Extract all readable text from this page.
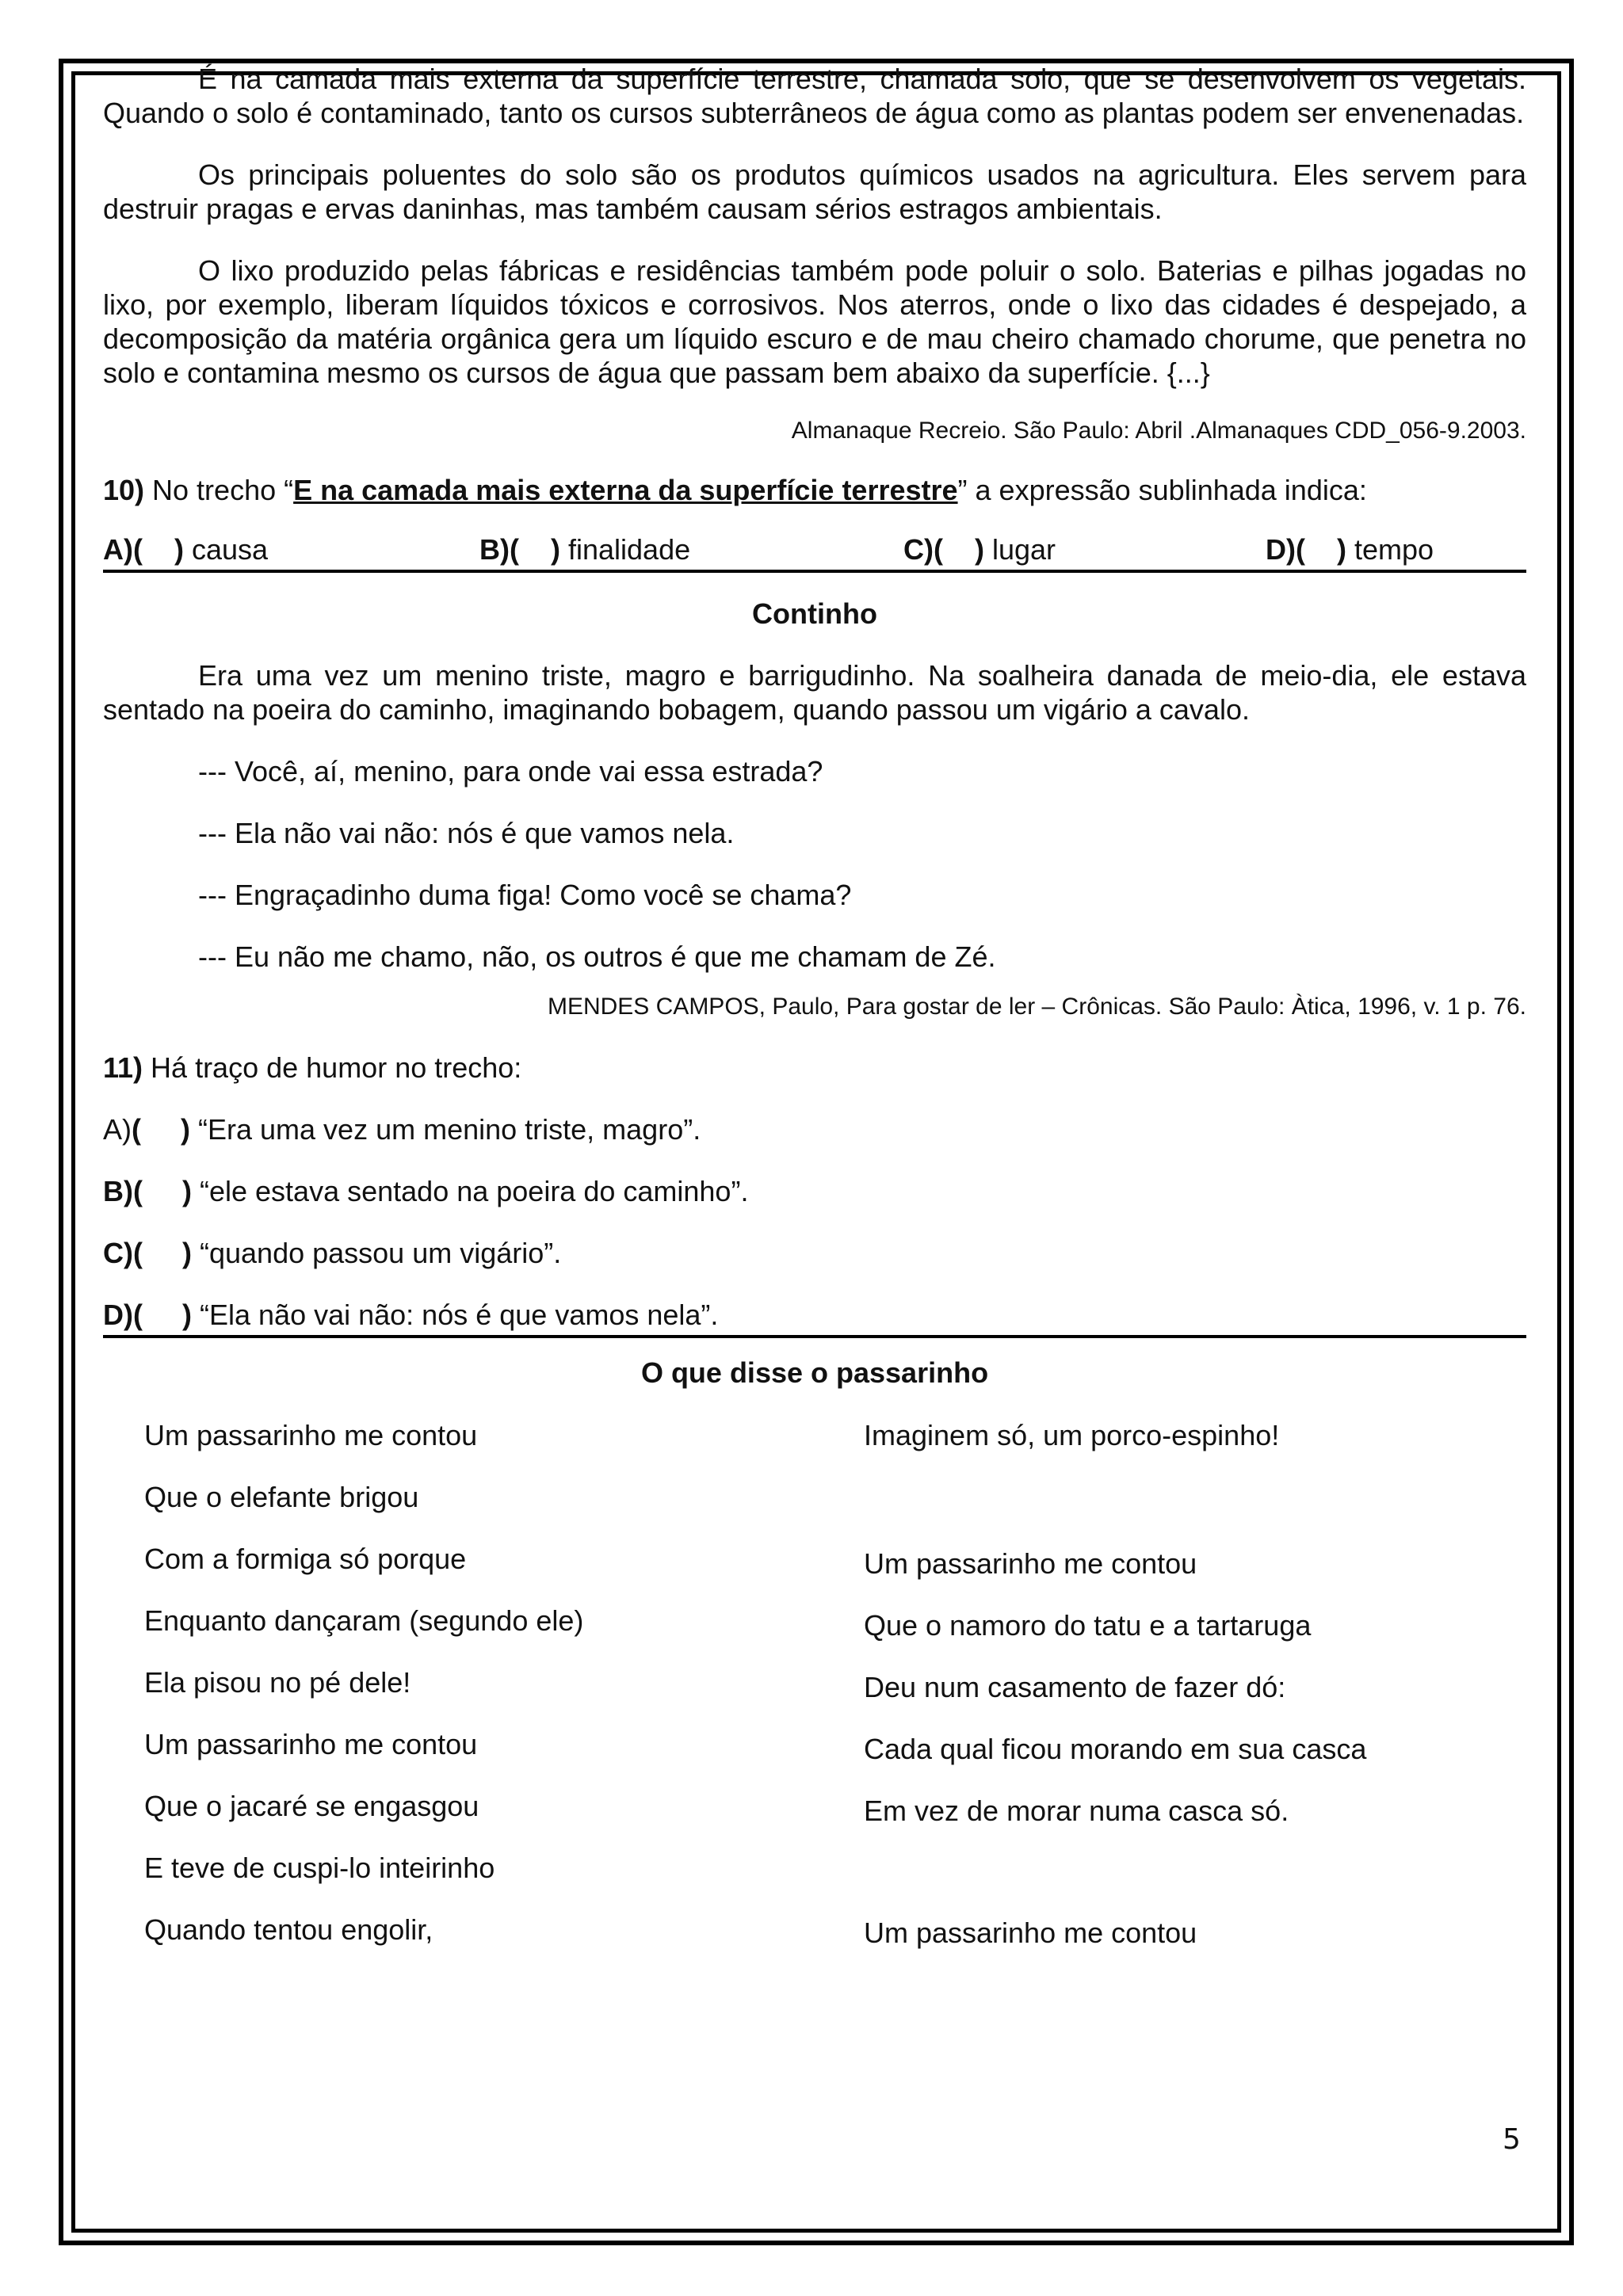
É na camada mais externa da superfície terrestre, chamada solo, que se desenvolvem os vegetais. Quando o solo é contaminado, tanto os cursos subterrâneos de água como as plantas podem ser envenenadas.

Os principais poluentes do solo são os produtos químicos usados na agricultura. Eles servem para destruir pragas e ervas daninhas, mas também causam sérios estragos ambientais.

O lixo produzido pelas fábricas e residências também pode poluir o solo. Baterias e pilhas jogadas no lixo, por exemplo, liberam líquidos tóxicos e corrosivos. Nos aterros, onde o lixo das cidades é despejado, a decomposição da matéria orgânica gera um líquido escuro e de mau cheiro chamado chorume, que penetra no solo e contamina mesmo os cursos de água que passam bem abaixo da superfície. {...}

Almanaque Recreio. São Paulo: Abril .Almanaques CDD_056-9.2003.

10) No trecho “E na camada mais externa da superfície terrestre” a expressão sublinhada indica:

A)(    ) causa	B)(    ) finalidade	C)(    ) lugar	D)(    ) tempo

Continho

Era uma vez um menino triste, magro e barrigudinho. Na soalheira danada de meio-dia, ele estava sentado na poeira do caminho, imaginando bobagem, quando passou um vigário a cavalo.

--- Você, aí, menino, para onde vai essa estrada?

--- Ela não vai não: nós é que vamos nela.

--- Engraçadinho duma figa! Como você se chama?

--- Eu não me chamo, não, os outros é que me chamam de Zé.

MENDES CAMPOS, Paulo, Para gostar de ler – Crônicas. São Paulo: Àtica, 1996, v. 1 p. 76.

11) Há traço de humor no trecho:

A)(     ) “Era uma vez um menino triste, magro”.

B)(     ) “ele estava sentado na poeira do caminho”.

C)(     ) “quando passou um vigário”.

D)(     ) “Ela não vai não: nós é que vamos nela”.

O que disse o passarinho

Um passarinho me contou

Que o elefante brigou

Com a formiga só porque

Enquanto dançaram (segundo ele)

Ela pisou no pé dele!

Um passarinho me contou

Que o jacaré se engasgou

E teve de cuspi-lo inteirinho

Quando tentou engolir,

Imaginem só, um porco-espinho!

Um passarinho me contou

Que o namoro do tatu e a tartaruga

Deu num casamento de fazer dó:

Cada qual ficou morando em sua casca

Em vez de morar numa casca só.

Um passarinho me contou

5
